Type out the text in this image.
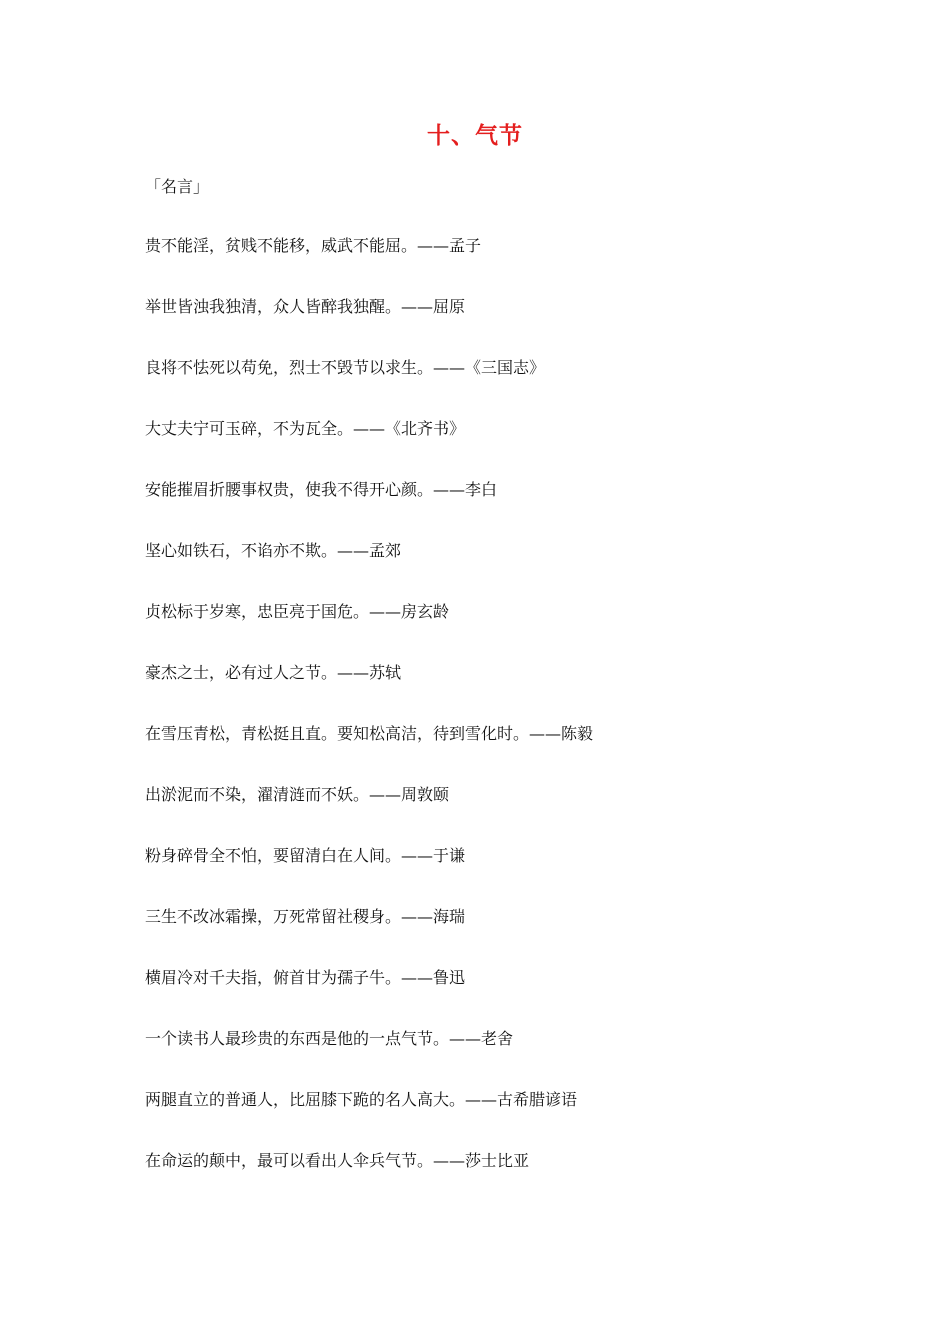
十、气节
「名言」
贵不能淫，贫贱不能移，威武不能屈。——孟子
举世皆浊我独清，众人皆醉我独醒。——屈原
良将不怯死以苟免，烈士不毁节以求生。——《三国志》
大丈夫宁可玉碎，不为瓦全。——《北齐书》
安能摧眉折腰事权贵，使我不得开心颜。——李白
坚心如铁石，不谄亦不欺。——孟郊
贞松标于岁寒，忠臣亮于国危。——房玄龄
豪杰之士，必有过人之节。——苏轼
在雪压青松，青松挺且直。要知松高洁，待到雪化时。——陈毅
出淤泥而不染，濯清涟而不妖。——周敦颐
粉身碎骨全不怕，要留清白在人间。——于谦
三生不改冰霜操，万死常留社稷身。——海瑞
横眉冷对千夫指，俯首甘为孺子牛。——鲁迅
一个读书人最珍贵的东西是他的一点气节。——老舍
两腿直立的普通人，比屈膝下跪的名人高大。——古希腊谚语
在命运的颠中，最可以看出人伞兵气节。——莎士比亚
